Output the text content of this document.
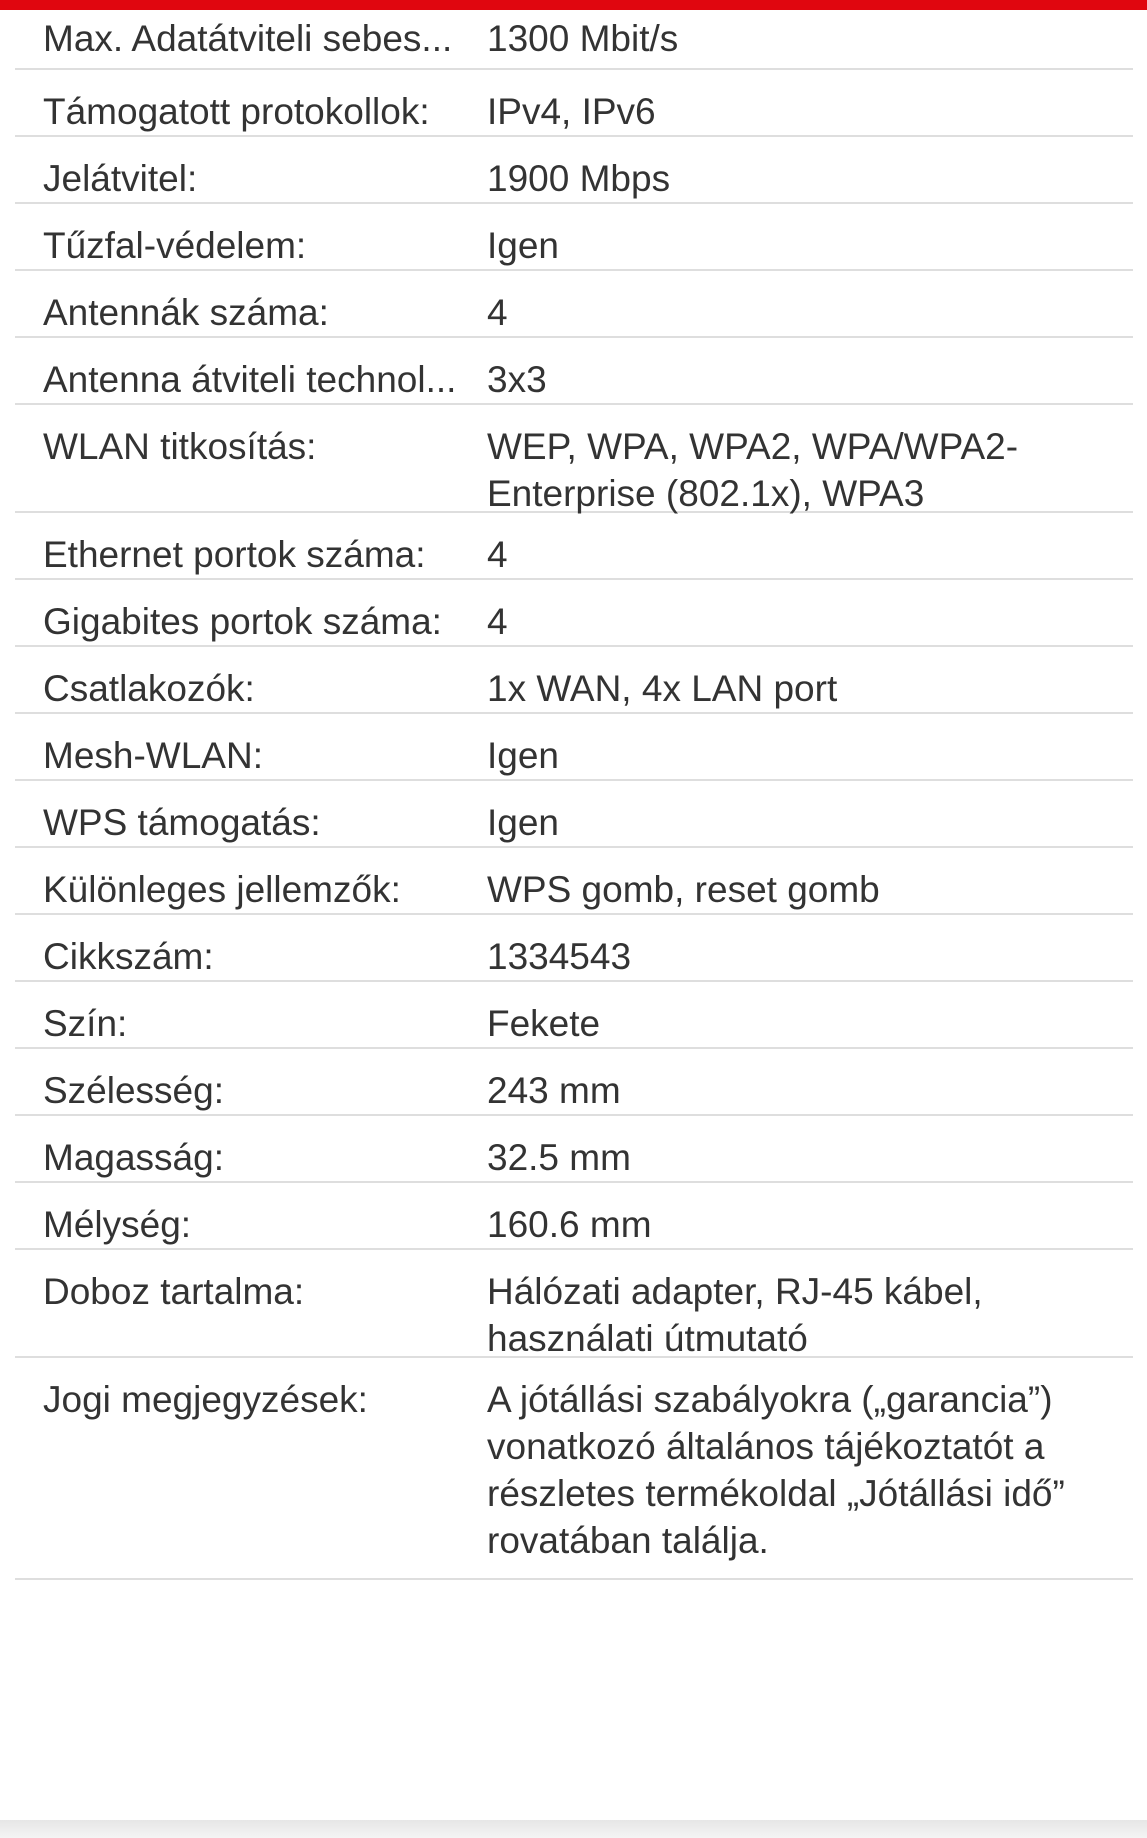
Max. Adatátviteli sebes... 1300 Mbit/s
Támogatott protokollok:	IPv4, IPv6
Jelátvitel:	1900 Mbps
Tűzfal-védelem:	Igen
Antennák száma:	4
Antenna átviteli technol... 3x3
WLAN titkosítás:	WEP, WPA, WPA2, WPA/WPA2-Enterprise (802.1x), WPA3
Ethernet portok száma:	4
Gigabites portok száma:	4
Csatlakozók:	1x WAN, 4x LAN port
Mesh-WLAN:	Igen
WPS támogatás:	Igen
Különleges jellemzők:	WPS gomb, reset gomb
Cikkszám:	1334543
Szín:	Fekete
Szélesség:	243 mm
Magasság:	32.5 mm
Mélység:	160.6 mm
Doboz tartalma:	Hálózati adapter, RJ-45 kábel, használati útmutató
Jogi megjegyzések:	A jótállási szabályokra („garancia”) vonatkozó általános tájékoztatót a részletes termékoldal „Jótállási idő” rovatában találja.
